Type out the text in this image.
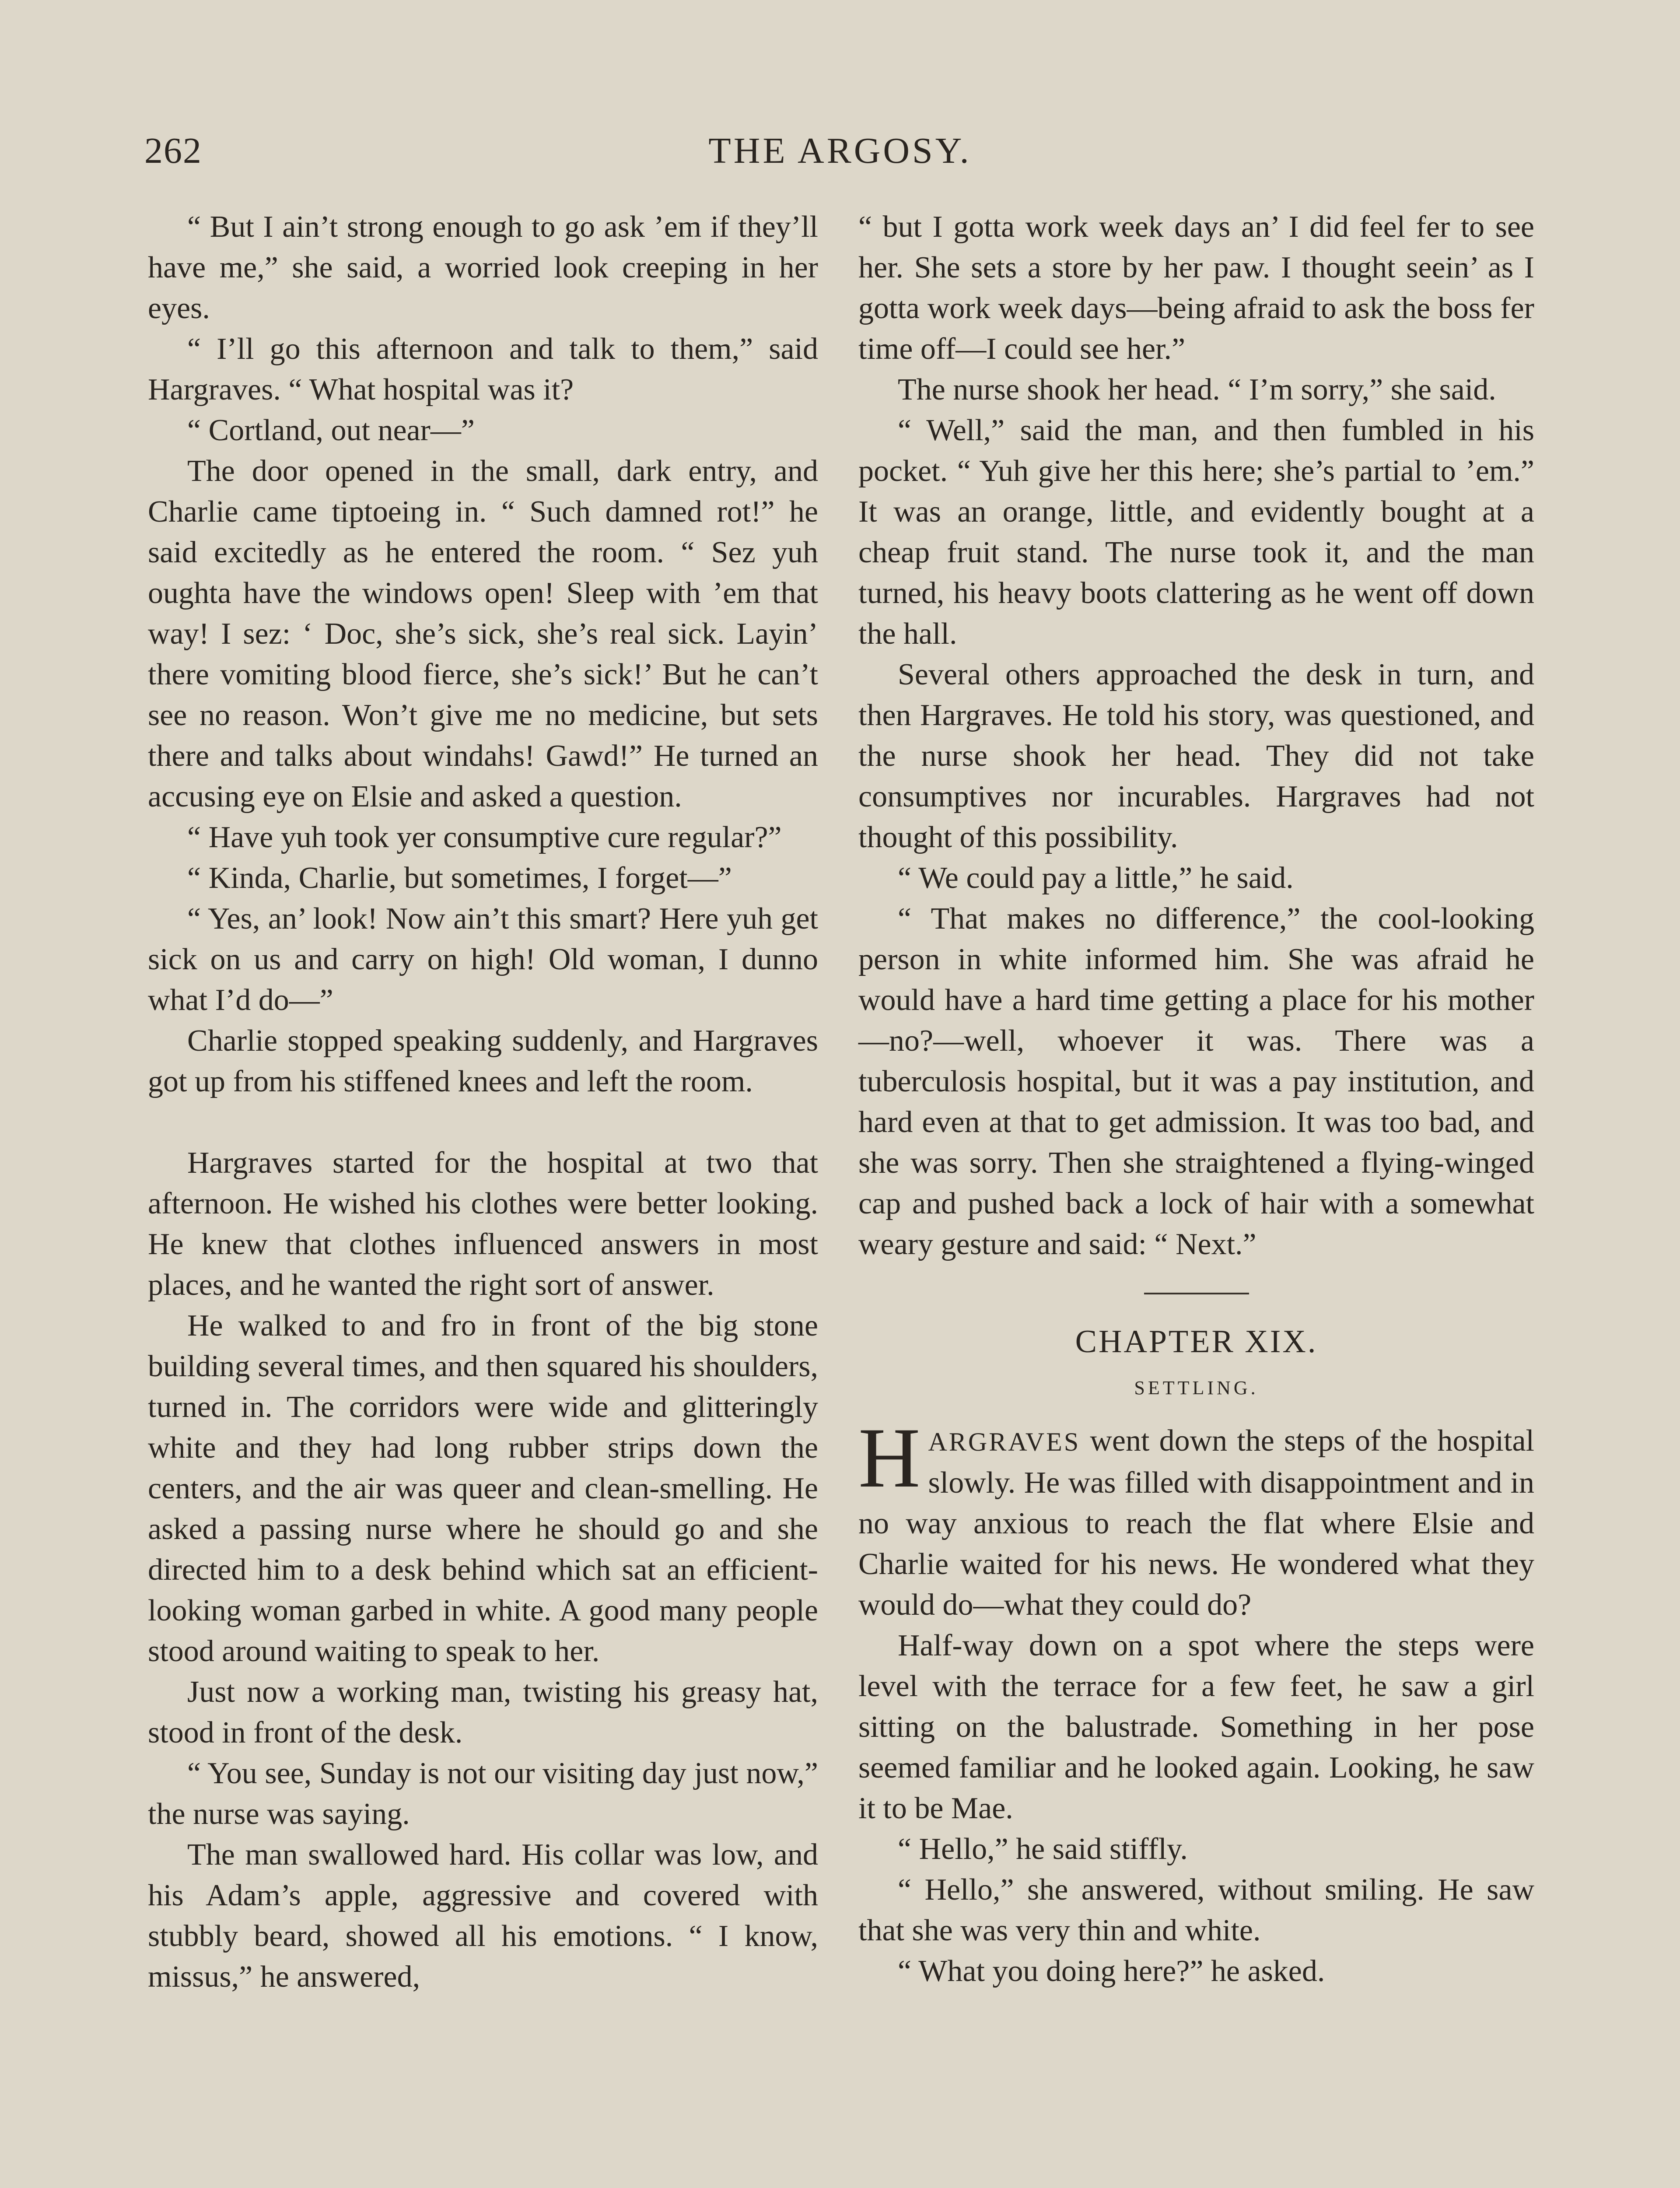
262	THE ARGOSY.

“ But I ain’t strong enough to go ask ’em if they’ll have me,” she said, a worried look creeping in her eyes.

“ I’ll go this afternoon and talk to them,” said Hargraves. “ What hospital was it?

“ Cortland, out near—”

The door opened in the small, dark entry, and Charlie came tiptoeing in. “ Such damned rot!” he said excitedly as he entered the room. “ Sez yuh oughta have the windows open! Sleep with ’em that way! I sez: ‘ Doc, she’s sick, she’s real sick. Layin’ there vomiting blood fierce, she’s sick!’ But he can’t see no reason. Won’t give me no medicine, but sets there and talks about windahs! Gawd!” He turned an accusing eye on Elsie and asked a question.

“ Have yuh took yer consumptive cure regular?”

“ Kinda, Charlie, but sometimes, I forget—”

“ Yes, an’ look! Now ain’t this smart? Here yuh get sick on us and carry on high! Old woman, I dunno what I’d do—”

Charlie stopped speaking suddenly, and Hargraves got up from his stiffened knees and left the room.

Hargraves started for the hospital at two that afternoon. He wished his clothes were better looking. He knew that clothes influenced answers in most places, and he wanted the right sort of answer.

He walked to and fro in front of the big stone building several times, and then squared his shoulders, turned in. The corridors were wide and glitteringly white and they had long rubber strips down the centers, and the air was queer and clean-smelling. He asked a passing nurse where he should go and she directed him to a desk behind which sat an efficient-looking woman garbed in white. A good many people stood around waiting to speak to her.

Just now a working man, twisting his greasy hat, stood in front of the desk.

“ You see, Sunday is not our visiting day just now,” the nurse was saying.

The man swallowed hard. His collar was low, and his Adam’s apple, aggressive and covered with stubbly beard, showed all his emotions. “ I know, missus,” he answered,

“ but I gotta work week days an’ I did feel fer to see her. She sets a store by her paw. I thought seein’ as I gotta work week days—being afraid to ask the boss fer time off—I could see her.”

The nurse shook her head. “ I’m sorry,” she said.

“ Well,” said the man, and then fumbled in his pocket. “ Yuh give her this here; she’s partial to ’em.” It was an orange, little, and evidently bought at a cheap fruit stand. The nurse took it, and the man turned, his heavy boots clattering as he went off down the hall.

Several others approached the desk in turn, and then Hargraves. He told his story, was questioned, and the nurse shook her head. They did not take consumptives nor incurables. Hargraves had not thought of this possibility.

“ We could pay a little,” he said.

“ That makes no difference,” the cool-looking person in white informed him. She was afraid he would have a hard time getting a place for his mother—no?—well, whoever it was. There was a tuberculosis hospital, but it was a pay institution, and hard even at that to get admission. It was too bad, and she was sorry. Then she straightened a flying-winged cap and pushed back a lock of hair with a somewhat weary gesture and said: “ Next.”

CHAPTER XIX.
SETTLING.

HARGRAVES went down the steps of the hospital slowly. He was filled with disappointment and in no way anxious to reach the flat where Elsie and Charlie waited for his news. He wondered what they would do—what they could do?

Half-way down on a spot where the steps were level with the terrace for a few feet, he saw a girl sitting on the balustrade. Something in her pose seemed familiar and he looked again. Looking, he saw it to be Mae.

“ Hello,” he said stiffly.

“ Hello,” she answered, without smiling. He saw that she was very thin and white.

“ What you doing here?” he asked.
